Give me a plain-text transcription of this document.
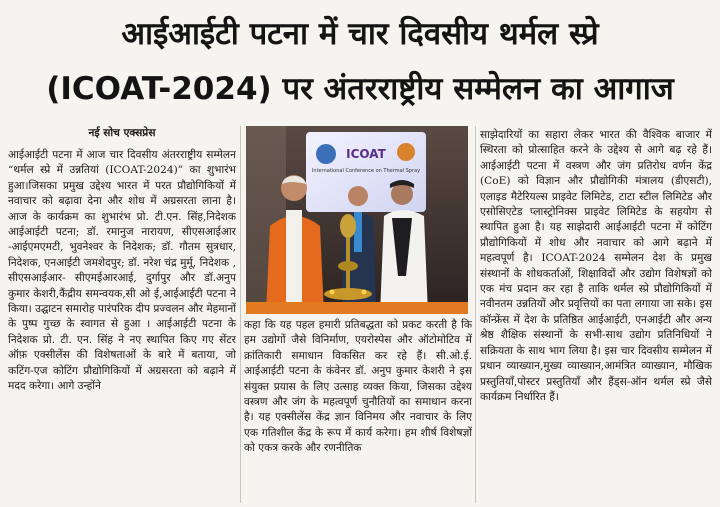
आईआईटी पटना में चार दिवसीय थर्मल स्प्रे
(ICOAT-2024) पर अंतरराष्ट्रीय सम्मेलन का आगाज
नई सोच एक्सप्रेस
आईआईटी पटना में आज चार दिवसीय अंतरराष्ट्रीय सम्मेलन “थर्मल स्प्रे में उन्नतियां (ICOAT-2024)” का शुभारंभ हुआ।जिसका प्रमुख उद्देश्य भारत में परत प्रौद्योगिकियों में नवाचार को बढ़ावा देना और शोध में अग्रसरता लाना है। आज के कार्यक्रम का शुभारंभ प्रो. टी.एन. सिंह,निदेशक आईआईटी पटना; डॉ. रमानुज नारायण, सीएसआईआर -आईएमएमटी, भुवनेश्वर के निदेशक; डॉ. गौतम सुत्रधार, निदेशक, एनआईटी जमशेदपुर; डॉ. नरेश चंद्र मुर्मू, निदेशक , सीएसआईआर- सीएमईआरआई, दुर्गापुर और डॉ.अनुप कुमार केशरी,कैंद्रीय समन्वयक,सी ओ ई,आईआईटी पटना ने किया। उद्घाटन समारोह पारंपरिक दीप प्रज्वलन और मेहमानों के पुष्प गुच्छ के स्वागत से हुआ । आईआईटी पटना के निदेशक प्रो. टी. एन. सिंह ने नए स्थापित किए गए सेंटर ऑफ़ एक्सीलेंस की विशेषताओं के बारे में बताया, जो कटिंग-एज कोटिंग प्रौद्योगिकियों में अग्रसरता को बढ़ाने में मदद करेगा। आगे उन्होंने
ICOAT
International Conference on Thermal Spray
कहा कि यह पहल हमारी प्रतिबद्धता को प्रकट करती है कि हम उद्योगों जैसे विनिर्माण, एयरोस्पेस और ऑटोमोटिव में क्रांतिकारी समाधान विकसित कर रहे हैं। सी.ओ.ई. आईआईटी पटना के कंवेनर डॉ. अनुप कुमार केशरी ने इस संयुक्त प्रयास के लिए उत्साह व्यक्त किया, जिसका उद्देश्य वस्त्रण और जंग के महत्वपूर्ण चुनौतियों का समाधान करना है। यह एक्सीलेंस केंद्र ज्ञान विनिमय और नवाचार के लिए एक गतिशील केंद्र के रूप में कार्य करेगा। हम शीर्ष विशेषज्ञों को एकत्र करके और रणनीतिक
साझेदारियों का सहारा लेकर भारत की वैश्विक बाजार में स्थिरता को प्रोत्साहित करने के उद्देश्य से आगे बढ़ रहे हैं। आईआईटी पटना में वस्त्रण और जंग प्रतिरोध वर्णन केंद्र (CoE) को विज्ञान और प्रौद्योगिकी मंत्रालय (डीएसटी), एलाइड मैटेरियल्स प्राइवेट लिमिटेड, टाटा स्टील लिमिटेड और एसोसिएटेड प्लास्ट्रोनिक्स प्राइवेट लिमिटेड के सहयोग से स्थापित हुआ है। यह साझेदारी आईआईटी पटना में कोटिंग प्रौद्योगिकियों में शोध और नवाचार को आगे बढ़ाने में महत्वपूर्ण है। ICOAT-2024 सम्मेलन देश के प्रमुख संस्थानों के शोधकर्ताओं, शिक्षाविदों और उद्योग विशेषज्ञों को एक मंच प्रदान कर रहा है ताकि थर्मल स्प्रे प्रौद्योगिकियों में नवीनतम उन्नतियों और प्रवृत्तियों का पता लगाया जा सके। इस कॉन्फ्रेंस में देश के प्रतिष्ठित आईआईटी, एनआईटी और अन्य श्रेष्ठ शैक्षिक संस्थानों के सभी-साथ उद्योग प्रतिनिधियों ने सक्रियता के साथ भाग लिया है। इस चार दिवसीय सम्मेलन में प्रधान व्याख्यान,मुख्य व्याख्यान,आमंत्रित व्याख्यान, मौखिक प्रस्तुतियाँ,पोस्टर प्रस्तुतियाँ और हैंड्स-ऑन थर्मल स्प्रे जैसे कार्यक्रम निर्धारित हैं।
